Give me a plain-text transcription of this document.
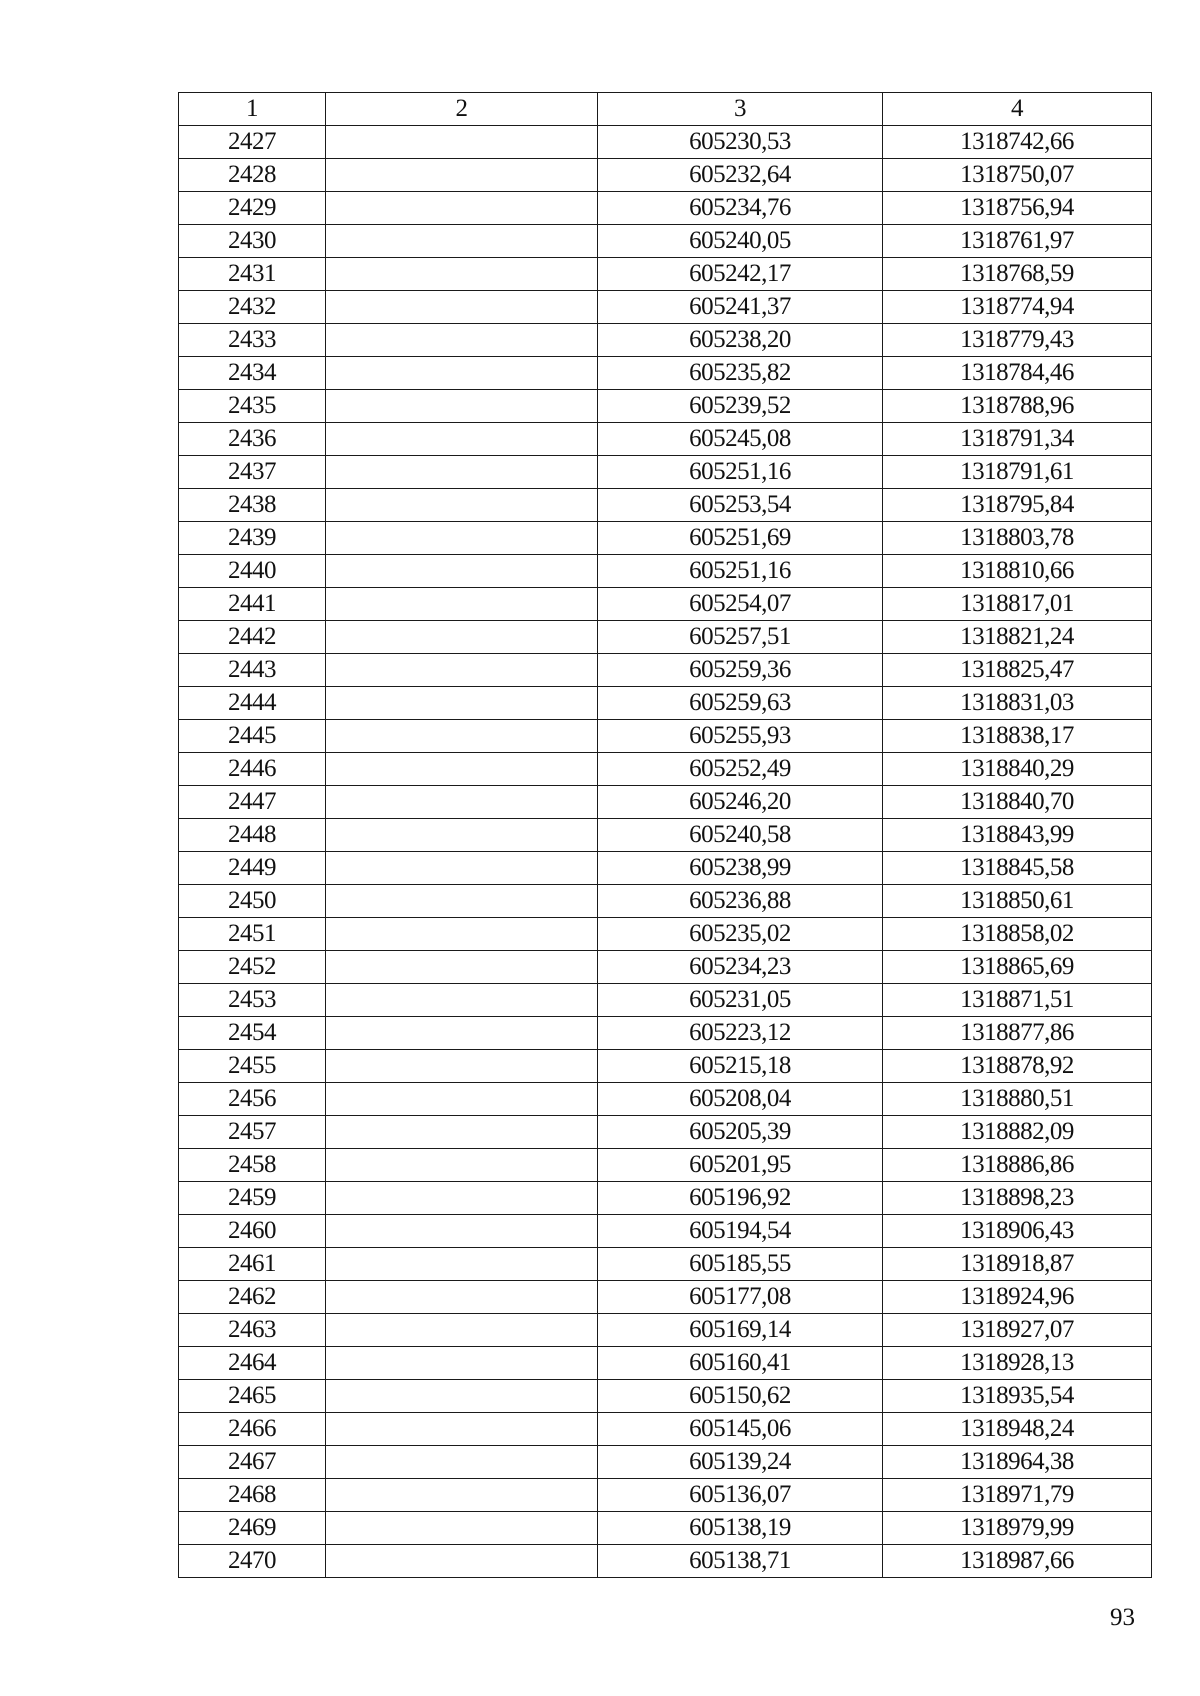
1	2	3	4
2427		605230,53	1318742,66
2428		605232,64	1318750,07
2429		605234,76	1318756,94
2430		605240,05	1318761,97
2431		605242,17	1318768,59
2432		605241,37	1318774,94
2433		605238,20	1318779,43
2434		605235,82	1318784,46
2435		605239,52	1318788,96
2436		605245,08	1318791,34
2437		605251,16	1318791,61
2438		605253,54	1318795,84
2439		605251,69	1318803,78
2440		605251,16	1318810,66
2441		605254,07	1318817,01
2442		605257,51	1318821,24
2443		605259,36	1318825,47
2444		605259,63	1318831,03
2445		605255,93	1318838,17
2446		605252,49	1318840,29
2447		605246,20	1318840,70
2448		605240,58	1318843,99
2449		605238,99	1318845,58
2450		605236,88	1318850,61
2451		605235,02	1318858,02
2452		605234,23	1318865,69
2453		605231,05	1318871,51
2454		605223,12	1318877,86
2455		605215,18	1318878,92
2456		605208,04	1318880,51
2457		605205,39	1318882,09
2458		605201,95	1318886,86
2459		605196,92	1318898,23
2460		605194,54	1318906,43
2461		605185,55	1318918,87
2462		605177,08	1318924,96
2463		605169,14	1318927,07
2464		605160,41	1318928,13
2465		605150,62	1318935,54
2466		605145,06	1318948,24
2467		605139,24	1318964,38
2468		605136,07	1318971,79
2469		605138,19	1318979,99
2470		605138,71	1318987,66
93
